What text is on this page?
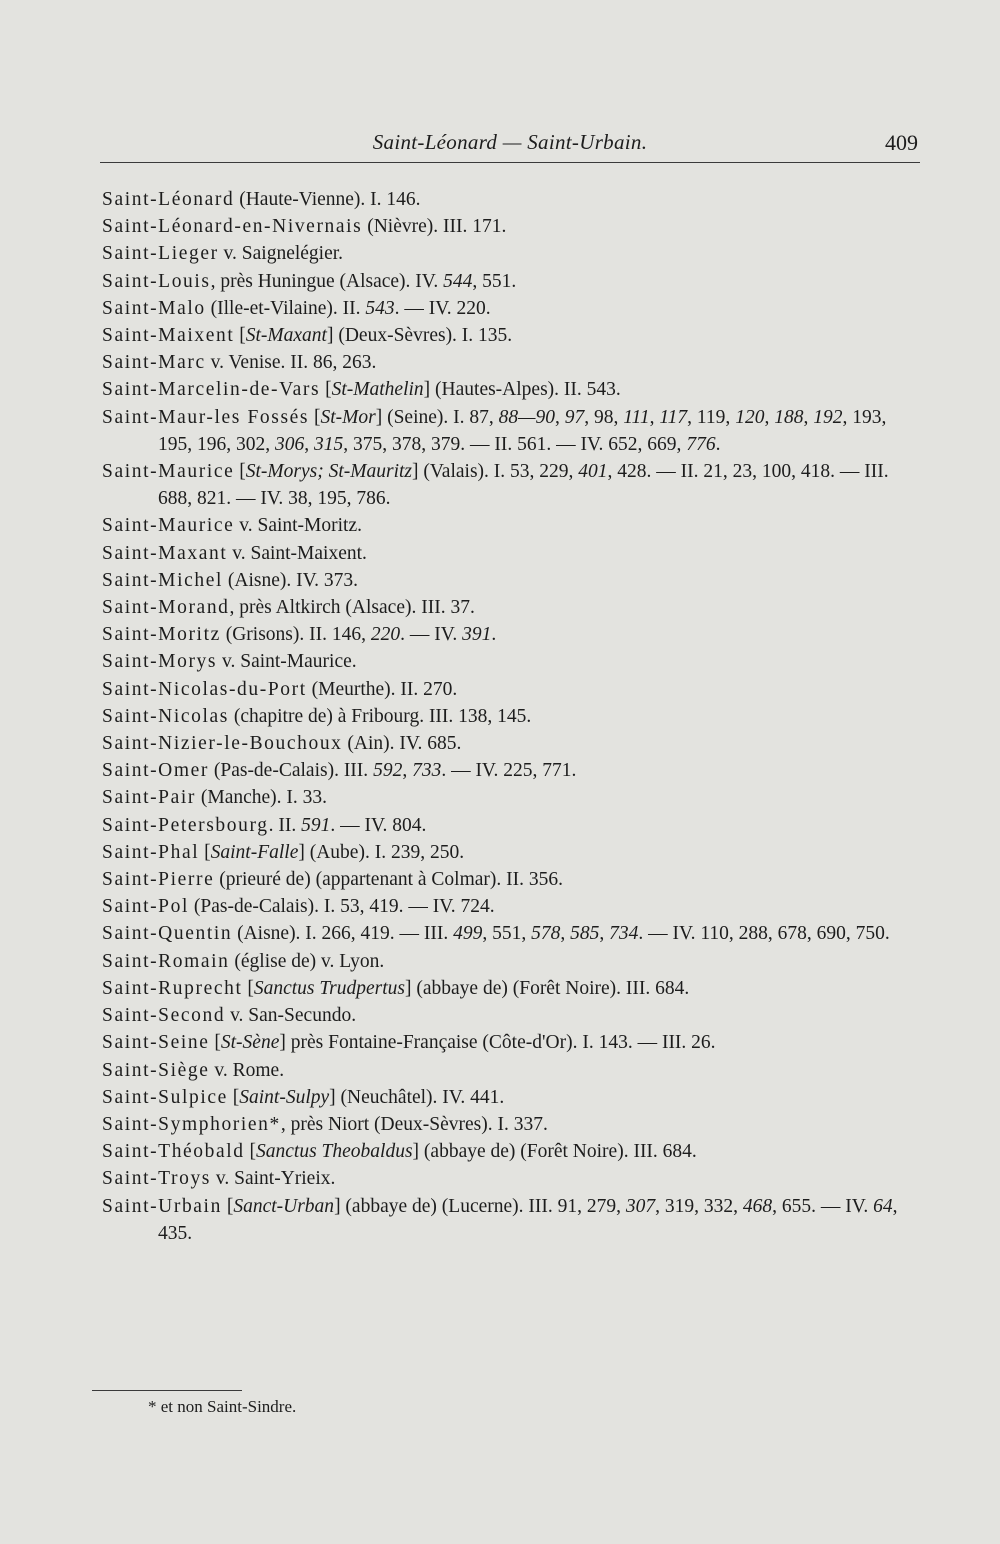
Saint-Léonard — Saint-Urbain.	409
Saint-Léonard (Haute-Vienne). I. 146.
Saint-Léonard-en-Nivernais (Nièvre). III. 171.
Saint-Lieger v. Saignelégier.
Saint-Louis, près Huningue (Alsace). IV. 544, 551.
Saint-Malo (Ille-et-Vilaine). II. 543. — IV. 220.
Saint-Maixent [St-Maxant] (Deux-Sèvres). I. 135.
Saint-Marc v. Venise. II. 86, 263.
Saint-Marcelin-de-Vars [St-Mathelin] (Hautes-Alpes). II. 543.
Saint-Maur-les Fossés [St-Mor] (Seine). I. 87, 88—90, 97, 98, 111, 117, 119, 120, 188, 192, 193, 195, 196, 302, 306, 315, 375, 378, 379. — II. 561. — IV. 652, 669, 776.
Saint-Maurice [St-Morys; St-Mauritz] (Valais). I. 53, 229, 401, 428. — II. 21, 23, 100, 418. — III. 688, 821. — IV. 38, 195, 786.
Saint-Maurice v. Saint-Moritz.
Saint-Maxant v. Saint-Maixent.
Saint-Michel (Aisne). IV. 373.
Saint-Morand, près Altkirch (Alsace). III. 37.
Saint-Moritz (Grisons). II. 146, 220. — IV. 391.
Saint-Morys v. Saint-Maurice.
Saint-Nicolas-du-Port (Meurthe). II. 270.
Saint-Nicolas (chapitre de) à Fribourg. III. 138, 145.
Saint-Nizier-le-Bouchoux (Ain). IV. 685.
Saint-Omer (Pas-de-Calais). III. 592, 733. — IV. 225, 771.
Saint-Pair (Manche). I. 33.
Saint-Petersbourg. II. 591. — IV. 804.
Saint-Phal [Saint-Falle] (Aube). I. 239, 250.
Saint-Pierre (prieuré de) (appartenant à Colmar). II. 356.
Saint-Pol (Pas-de-Calais). I. 53, 419. — IV. 724.
Saint-Quentin (Aisne). I. 266, 419. — III. 499, 551, 578, 585, 734. — IV. 110, 288, 678, 690, 750.
Saint-Romain (église de) v. Lyon.
Saint-Ruprecht [Sanctus Trudpertus] (abbaye de) (Forêt Noire). III. 684.
Saint-Second v. San-Secundo.
Saint-Seine [St-Sène] près Fontaine-Française (Côte-d'Or). I. 143. — III. 26.
Saint-Siège v. Rome.
Saint-Sulpice [Saint-Sulpy] (Neuchâtel). IV. 441.
Saint-Symphorien*, près Niort (Deux-Sèvres). I. 337.
Saint-Théobald [Sanctus Theobaldus] (abbaye de) (Forêt Noire). III. 684.
Saint-Troys v. Saint-Yrieix.
Saint-Urbain [Sanct-Urban] (abbaye de) (Lucerne). III. 91, 279, 307, 319, 332, 468, 655. — IV. 64, 435.
* et non Saint-Sindre.
